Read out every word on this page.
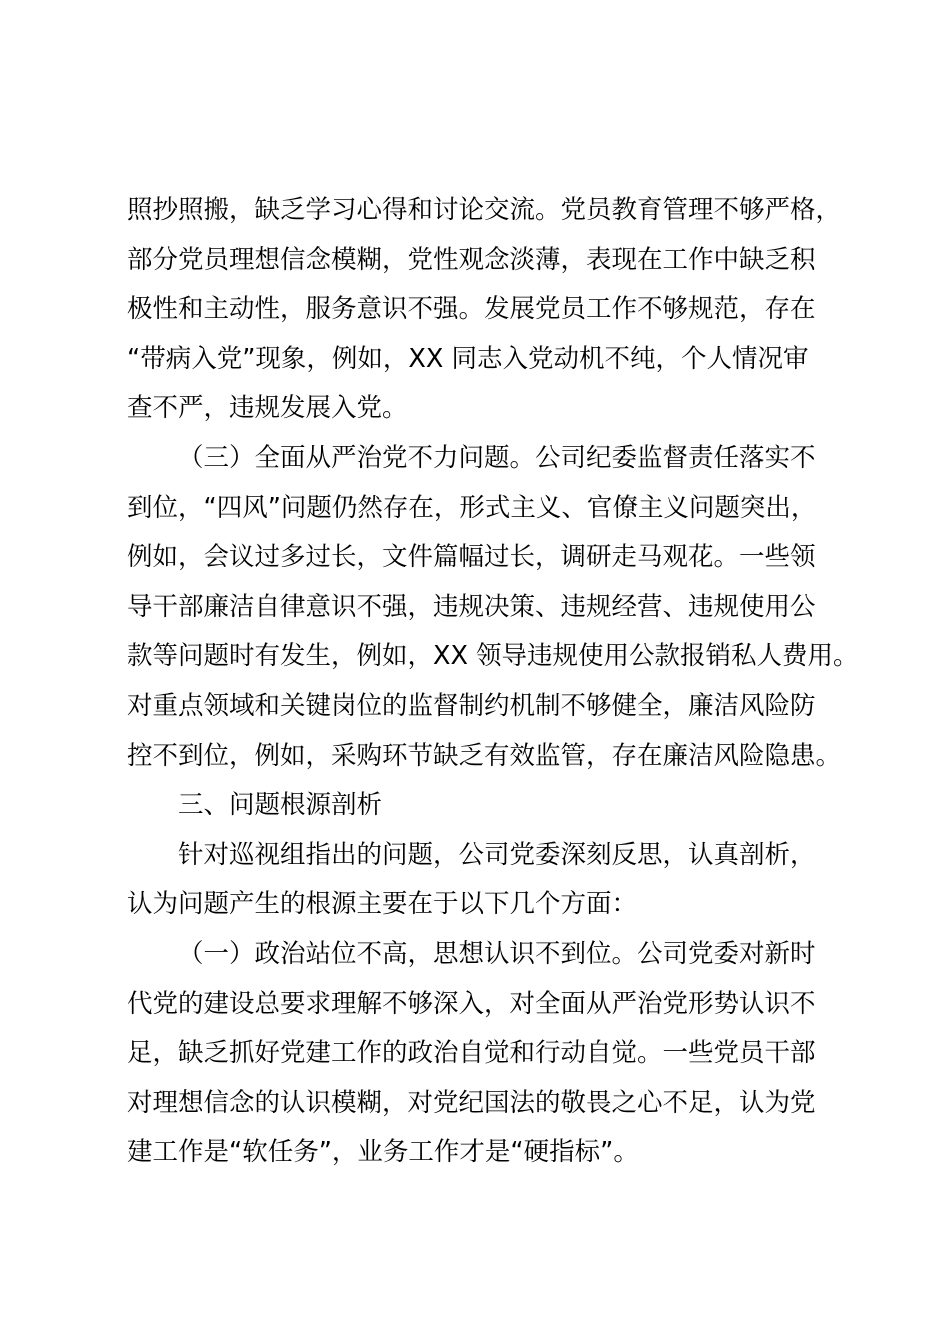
照抄照搬，缺乏学习心得和讨论交流。党员教育管理不够严格，
部分党员理想信念模糊，党性观念淡薄，表现在工作中缺乏积
极性和主动性，服务意识不强。发展党员工作不够规范，存在
“带病入党”现象，例如，XX 同志入党动机不纯，个人情况审
查不严，违规发展入党。
（三）全面从严治党不力问题。公司纪委监督责任落实不
到位，“四风”问题仍然存在，形式主义、官僚主义问题突出，
例如，会议过多过长，文件篇幅过长，调研走马观花。一些领
导干部廉洁自律意识不强，违规决策、违规经营、违规使用公
款等问题时有发生，例如，XX 领导违规使用公款报销私人费用。
对重点领域和关键岗位的监督制约机制不够健全，廉洁风险防
控不到位，例如，采购环节缺乏有效监管，存在廉洁风险隐患。
三、问题根源剖析
针对巡视组指出的问题，公司党委深刻反思，认真剖析，
认为问题产生的根源主要在于以下几个方面：
（一）政治站位不高，思想认识不到位。公司党委对新时
代党的建设总要求理解不够深入，对全面从严治党形势认识不
足，缺乏抓好党建工作的政治自觉和行动自觉。一些党员干部
对理想信念的认识模糊，对党纪国法的敬畏之心不足，认为党
建工作是“软任务”，业务工作才是“硬指标”。
